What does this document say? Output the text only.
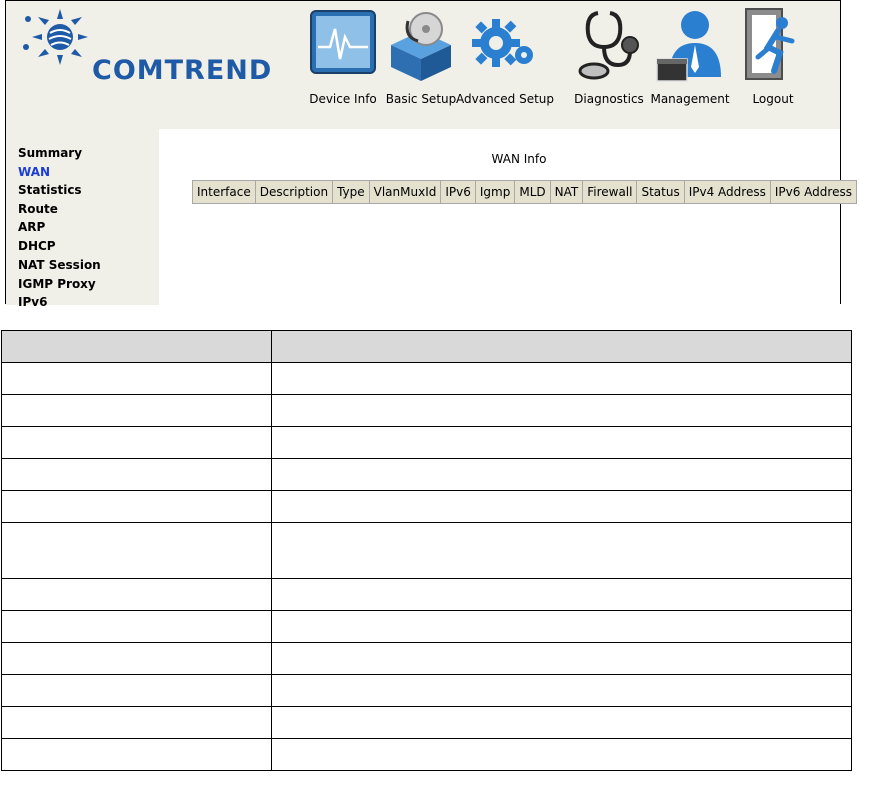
COMTREND
Device Info Basic Setup Advanced Setup	Diagnostics Management	Logout
Summary
WAN
Statistics
Route
ARP
DHCP
NAT Session
IGMP Proxy
IPv6
WAN Info
Interface	Description	Type	VlanMuxId	IPv6	Igmp	MLD	NAT	Firewall	Status	IPv4 Address	IPv6 Address
